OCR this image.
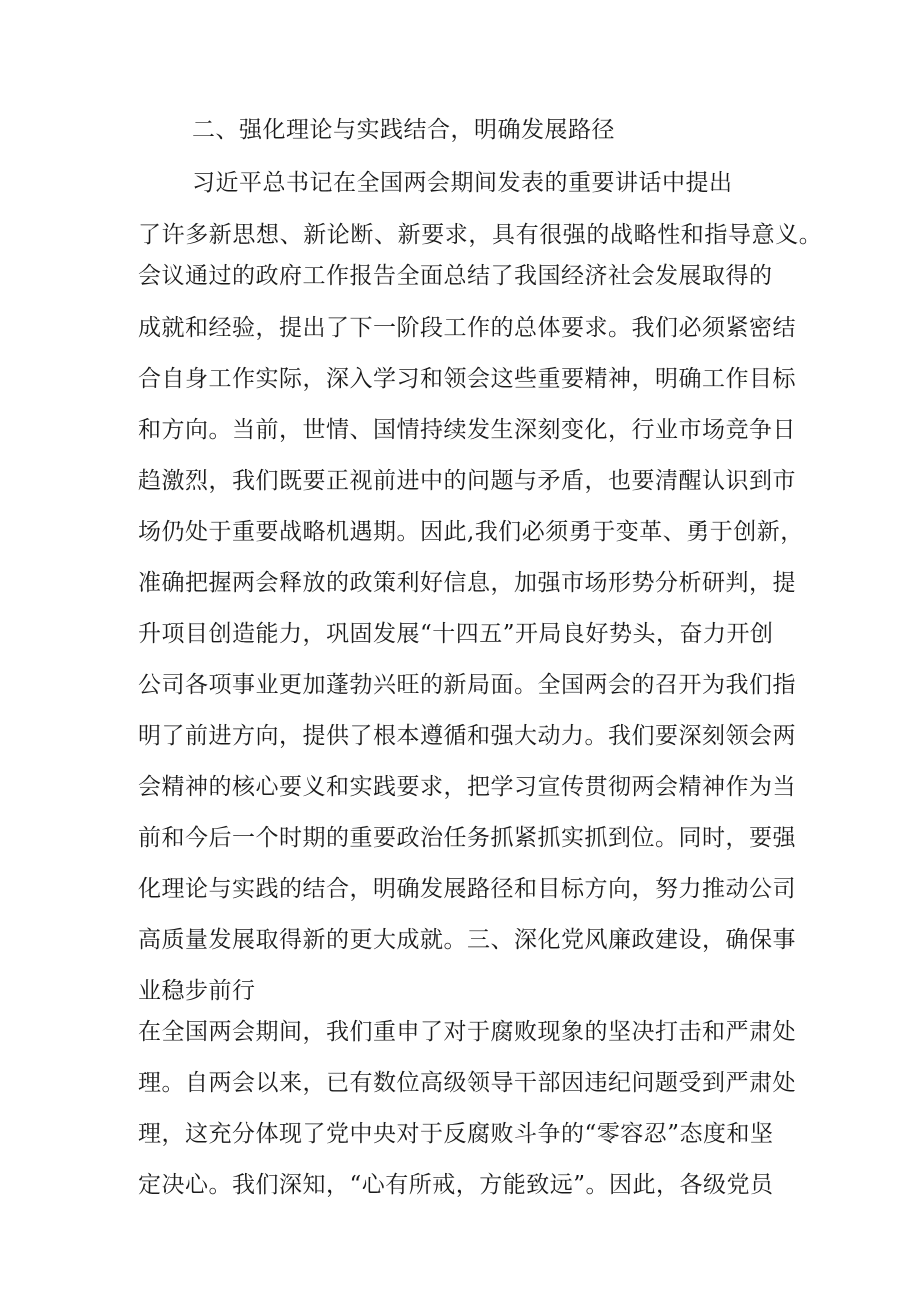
二、强化理论与实践结合，明确发展路径
习近平总书记在全国两会期间发表的重要讲话中提出
了许多新思想、新论断、新要求，具有很强的战略性和指导意义。
会议通过的政府工作报告全面总结了我国经济社会发展取得的
成就和经验，提出了下一阶段工作的总体要求。我们必须紧密结
合自身工作实际，深入学习和领会这些重要精神，明确工作目标
和方向。当前，世情、国情持续发生深刻变化，行业市场竞争日
趋激烈，我们既要正视前进中的问题与矛盾，也要清醒认识到市
场仍处于重要战略机遇期。因此,我们必须勇于变革、勇于创新，
准确把握两会释放的政策利好信息，加强市场形势分析研判，提
升项目创造能力，巩固发展“十四五”开局良好势头，奋力开创
公司各项事业更加蓬勃兴旺的新局面。全国两会的召开为我们指
明了前进方向，提供了根本遵循和强大动力。我们要深刻领会两
会精神的核心要义和实践要求，把学习宣传贯彻两会精神作为当
前和今后一个时期的重要政治任务抓紧抓实抓到位。同时，要强
化理论与实践的结合，明确发展路径和目标方向，努力推动公司
高质量发展取得新的更大成就。三、深化党风廉政建设，确保事
业稳步前行
在全国两会期间，我们重申了对于腐败现象的坚决打击和严肃处
理。自两会以来，已有数位高级领导干部因违纪问题受到严肃处
理，这充分体现了党中央对于反腐败斗争的“零容忍”态度和坚
定决心。我们深知，“心有所戒，方能致远”。因此，各级党员
